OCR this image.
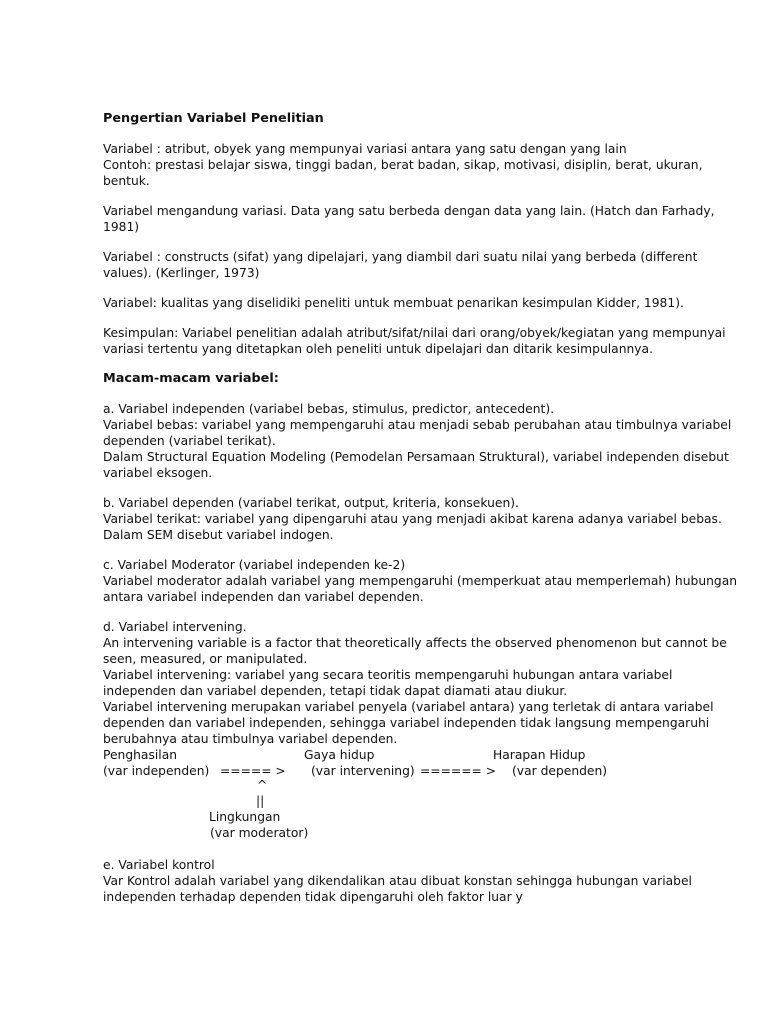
Pengertian Variabel Penelitian

Variabel : atribut, obyek yang mempunyai variasi antara yang satu dengan yang lain
Contoh: prestasi belajar siswa, tinggi badan, berat badan, sikap, motivasi, disiplin, berat, ukuran,
bentuk.

Variabel mengandung variasi. Data yang satu berbeda dengan data yang lain. (Hatch dan Farhady,
1981)

Variabel : constructs (sifat) yang dipelajari, yang diambil dari suatu nilai yang berbeda (different
values). (Kerlinger, 1973)

Variabel: kualitas yang diselidiki peneliti untuk membuat penarikan kesimpulan Kidder, 1981).

Kesimpulan: Variabel penelitian adalah atribut/sifat/nilai dari orang/obyek/kegiatan yang mempunyai
variasi tertentu yang ditetapkan oleh peneliti untuk dipelajari dan ditarik kesimpulannya.

Macam-macam variabel:

a. Variabel independen (variabel bebas, stimulus, predictor, antecedent).
Variabel bebas: variabel yang mempengaruhi atau menjadi sebab perubahan atau timbulnya variabel
dependen (variabel terikat).
Dalam Structural Equation Modeling (Pemodelan Persamaan Struktural), variabel independen disebut
variabel eksogen.

b. Variabel dependen (variabel terikat, output, kriteria, konsekuen).
Variabel terikat: variabel yang dipengaruhi atau yang menjadi akibat karena adanya variabel bebas.
Dalam SEM disebut variabel indogen.

c. Variabel Moderator (variabel independen ke-2)
Variabel moderator adalah variabel yang mempengaruhi (memperkuat atau memperlemah) hubungan
antara variabel independen dan variabel dependen.

d. Variabel intervening.
An intervening variable is a factor that theoretically affects the observed phenomenon but cannot be
seen, measured, or manipulated.
Variabel intervening: variabel yang secara teoritis mempengaruhi hubungan antara variabel
independen dan variabel dependen, tetapi tidak dapat diamati atau diukur.
Variabel intervening merupakan variabel penyela (variabel antara) yang terletak di antara variabel
dependen dan variabel independen, sehingga variabel independen tidak langsung mempengaruhi
berubahnya atau timbulnya variabel dependen.
Penghasilan
(var independen) ===== >
Gaya hidup
(var intervening) ====== >
Harapan Hidup
(var dependen)
^
||
Lingkungan
(var moderator)
e. Variabel kontrol
Var Kontrol adalah variabel yang dikendalikan atau dibuat konstan sehingga hubungan variabel
independen terhadap dependen tidak dipengaruhi oleh faktor luar y
